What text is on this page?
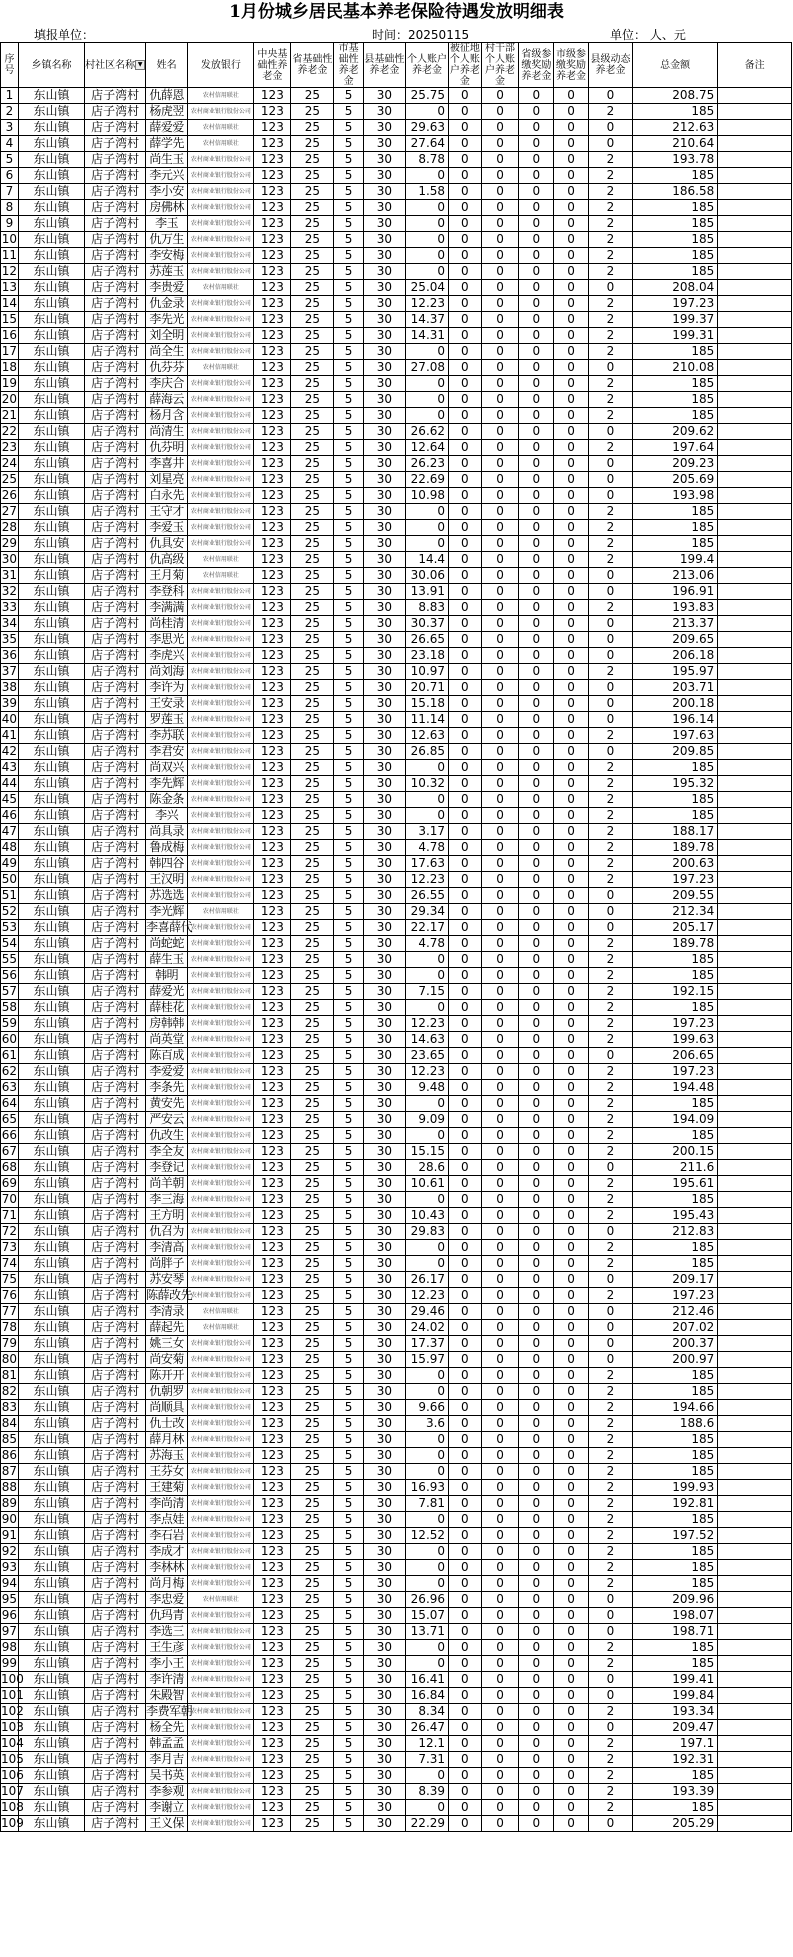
1月份城乡居民基本养老保险待遇发放明细表
填报单位：	时间：20250115	单位： 人、元
序号	乡镇名称	村社区名称 ▼	姓名	发放银行	中央基础性养老金	省基础性养老金	市基础性养老金	县基础性养老金	个人账户养老金	被征地个人账户养老金	村干部个人账户养老金	省级参缴奖励养老金	市级参缴奖励养老金	县级动态养老金	总金额	备注
1	东山镇	店子湾村	仇薛恩	农村信用联社	123	25	5	30	25.75	0	0	0	0	0	208.75	
2	东山镇	店子湾村	杨虎翌	农村商业银行股份公司	123	25	5	30	0	0	0	0	0	2	185	
3	东山镇	店子湾村	薛爱爱	农村信用联社	123	25	5	30	29.63	0	0	0	0	0	212.63	
4	东山镇	店子湾村	薛学先	农村信用联社	123	25	5	30	27.64	0	0	0	0	0	210.64	
5	东山镇	店子湾村	尚生玉	农村商业银行股份公司	123	25	5	30	8.78	0	0	0	0	2	193.78	
6	东山镇	店子湾村	李元兴	农村商业银行股份公司	123	25	5	30	0	0	0	0	0	2	185	
7	东山镇	店子湾村	李小安	农村商业银行股份公司	123	25	5	30	1.58	0	0	0	0	2	186.58	
8	东山镇	店子湾村	房佛林	农村商业银行股份公司	123	25	5	30	0	0	0	0	0	2	185	
9	东山镇	店子湾村	李玉	农村商业银行股份公司	123	25	5	30	0	0	0	0	0	2	185	
10	东山镇	店子湾村	仇万生	农村商业银行股份公司	123	25	5	30	0	0	0	0	0	2	185	
11	东山镇	店子湾村	李安梅	农村商业银行股份公司	123	25	5	30	0	0	0	0	0	2	185	
12	东山镇	店子湾村	苏莲玉	农村商业银行股份公司	123	25	5	30	0	0	0	0	0	2	185	
13	东山镇	店子湾村	李贵爱	农村信用联社	123	25	5	30	25.04	0	0	0	0	0	208.04	
14	东山镇	店子湾村	仇金录	农村商业银行股份公司	123	25	5	30	12.23	0	0	0	0	2	197.23	
15	东山镇	店子湾村	李先光	农村商业银行股份公司	123	25	5	30	14.37	0	0	0	0	2	199.37	
16	东山镇	店子湾村	刘全明	农村商业银行股份公司	123	25	5	30	14.31	0	0	0	0	2	199.31	
17	东山镇	店子湾村	尚全生	农村商业银行股份公司	123	25	5	30	0	0	0	0	0	2	185	
18	东山镇	店子湾村	仇芬芬	农村信用联社	123	25	5	30	27.08	0	0	0	0	0	210.08	
19	东山镇	店子湾村	李庆合	农村商业银行股份公司	123	25	5	30	0	0	0	0	0	2	185	
20	东山镇	店子湾村	薛海云	农村商业银行股份公司	123	25	5	30	0	0	0	0	0	2	185	
21	东山镇	店子湾村	杨月含	农村商业银行股份公司	123	25	5	30	0	0	0	0	0	2	185	
22	东山镇	店子湾村	尚清生	农村商业银行股份公司	123	25	5	30	26.62	0	0	0	0	0	209.62	
23	东山镇	店子湾村	仇芬明	农村商业银行股份公司	123	25	5	30	12.64	0	0	0	0	2	197.64	
24	东山镇	店子湾村	李喜井	农村商业银行股份公司	123	25	5	30	26.23	0	0	0	0	0	209.23	
25	东山镇	店子湾村	刘星亮	农村商业银行股份公司	123	25	5	30	22.69	0	0	0	0	0	205.69	
26	东山镇	店子湾村	白永先	农村商业银行股份公司	123	25	5	30	10.98	0	0	0	0	0	193.98	
27	东山镇	店子湾村	王守才	农村商业银行股份公司	123	25	5	30	0	0	0	0	0	2	185	
28	东山镇	店子湾村	李爱玉	农村商业银行股份公司	123	25	5	30	0	0	0	0	0	2	185	
29	东山镇	店子湾村	仇具安	农村商业银行股份公司	123	25	5	30	0	0	0	0	0	2	185	
30	东山镇	店子湾村	仇高级	农村信用联社	123	25	5	30	14.4	0	0	0	0	2	199.4	
31	东山镇	店子湾村	王月菊	农村信用联社	123	25	5	30	30.06	0	0	0	0	0	213.06	
32	东山镇	店子湾村	李登科	农村商业银行股份公司	123	25	5	30	13.91	0	0	0	0	0	196.91	
33	东山镇	店子湾村	李满满	农村商业银行股份公司	123	25	5	30	8.83	0	0	0	0	2	193.83	
34	东山镇	店子湾村	尚桂清	农村商业银行股份公司	123	25	5	30	30.37	0	0	0	0	0	213.37	
35	东山镇	店子湾村	李思光	农村商业银行股份公司	123	25	5	30	26.65	0	0	0	0	0	209.65	
36	东山镇	店子湾村	李虎兴	农村商业银行股份公司	123	25	5	30	23.18	0	0	0	0	0	206.18	
37	东山镇	店子湾村	尚刘海	农村商业银行股份公司	123	25	5	30	10.97	0	0	0	0	2	195.97	
38	东山镇	店子湾村	李许为	农村商业银行股份公司	123	25	5	30	20.71	0	0	0	0	0	203.71	
39	东山镇	店子湾村	王安录	农村商业银行股份公司	123	25	5	30	15.18	0	0	0	0	0	200.18	
40	东山镇	店子湾村	罗莲玉	农村商业银行股份公司	123	25	5	30	11.14	0	0	0	0	0	196.14	
41	东山镇	店子湾村	李苏联	农村商业银行股份公司	123	25	5	30	12.63	0	0	0	0	2	197.63	
42	东山镇	店子湾村	李君安	农村商业银行股份公司	123	25	5	30	26.85	0	0	0	0	0	209.85	
43	东山镇	店子湾村	尚双兴	农村商业银行股份公司	123	25	5	30	0	0	0	0	0	2	185	
44	东山镇	店子湾村	李先辉	农村商业银行股份公司	123	25	5	30	10.32	0	0	0	0	2	195.32	
45	东山镇	店子湾村	陈金条	农村商业银行股份公司	123	25	5	30	0	0	0	0	0	2	185	
46	东山镇	店子湾村	李兴	农村商业银行股份公司	123	25	5	30	0	0	0	0	0	2	185	
47	东山镇	店子湾村	尚具录	农村商业银行股份公司	123	25	5	30	3.17	0	0	0	0	2	188.17	
48	东山镇	店子湾村	鲁成梅	农村商业银行股份公司	123	25	5	30	4.78	0	0	0	0	2	189.78	
49	东山镇	店子湾村	韩四谷	农村商业银行股份公司	123	25	5	30	17.63	0	0	0	0	2	200.63	
50	东山镇	店子湾村	王汉明	农村商业银行股份公司	123	25	5	30	12.23	0	0	0	0	2	197.23	
51	东山镇	店子湾村	苏选选	农村商业银行股份公司	123	25	5	30	26.55	0	0	0	0	0	209.55	
52	东山镇	店子湾村	李光辉	农村信用联社	123	25	5	30	29.34	0	0	0	0	0	212.34	
53	东山镇	店子湾村	李喜薛代	农村商业银行股份公司	123	25	5	30	22.17	0	0	0	0	0	205.17	
54	东山镇	店子湾村	尚蛇蛇	农村商业银行股份公司	123	25	5	30	4.78	0	0	0	0	2	189.78	
55	东山镇	店子湾村	薛生玉	农村商业银行股份公司	123	25	5	30	0	0	0	0	0	2	185	
56	东山镇	店子湾村	韩明	农村商业银行股份公司	123	25	5	30	0	0	0	0	0	2	185	
57	东山镇	店子湾村	薛爱光	农村商业银行股份公司	123	25	5	30	7.15	0	0	0	0	2	192.15	
58	东山镇	店子湾村	薛桂花	农村商业银行股份公司	123	25	5	30	0	0	0	0	0	2	185	
59	东山镇	店子湾村	房韩韩	农村商业银行股份公司	123	25	5	30	12.23	0	0	0	0	2	197.23	
60	东山镇	店子湾村	尚英堂	农村商业银行股份公司	123	25	5	30	14.63	0	0	0	0	2	199.63	
61	东山镇	店子湾村	陈百成	农村商业银行股份公司	123	25	5	30	23.65	0	0	0	0	0	206.65	
62	东山镇	店子湾村	李爱爱	农村商业银行股份公司	123	25	5	30	12.23	0	0	0	0	2	197.23	
63	东山镇	店子湾村	李条先	农村商业银行股份公司	123	25	5	30	9.48	0	0	0	0	2	194.48	
64	东山镇	店子湾村	黄安先	农村商业银行股份公司	123	25	5	30	0	0	0	0	0	2	185	
65	东山镇	店子湾村	严安云	农村商业银行股份公司	123	25	5	30	9.09	0	0	0	0	2	194.09	
66	东山镇	店子湾村	仇改生	农村商业银行股份公司	123	25	5	30	0	0	0	0	0	2	185	
67	东山镇	店子湾村	李全友	农村商业银行股份公司	123	25	5	30	15.15	0	0	0	0	2	200.15	
68	东山镇	店子湾村	李登记	农村商业银行股份公司	123	25	5	30	28.6	0	0	0	0	0	211.6	
69	东山镇	店子湾村	尚羊朝	农村商业银行股份公司	123	25	5	30	10.61	0	0	0	0	2	195.61	
70	东山镇	店子湾村	李三海	农村商业银行股份公司	123	25	5	30	0	0	0	0	0	2	185	
71	东山镇	店子湾村	王方明	农村商业银行股份公司	123	25	5	30	10.43	0	0	0	0	2	195.43	
72	东山镇	店子湾村	仇召为	农村商业银行股份公司	123	25	5	30	29.83	0	0	0	0	0	212.83	
73	东山镇	店子湾村	李清高	农村商业银行股份公司	123	25	5	30	0	0	0	0	0	2	185	
74	东山镇	店子湾村	尚胖子	农村商业银行股份公司	123	25	5	30	0	0	0	0	0	2	185	
75	东山镇	店子湾村	苏安琴	农村商业银行股份公司	123	25	5	30	26.17	0	0	0	0	0	209.17	
76	东山镇	店子湾村	陈薛改先	农村商业银行股份公司	123	25	5	30	12.23	0	0	0	0	2	197.23	
77	东山镇	店子湾村	李清录	农村信用联社	123	25	5	30	29.46	0	0	0	0	0	212.46	
78	东山镇	店子湾村	薛起先	农村信用联社	123	25	5	30	24.02	0	0	0	0	0	207.02	
79	东山镇	店子湾村	姚三女	农村商业银行股份公司	123	25	5	30	17.37	0	0	0	0	0	200.37	
80	东山镇	店子湾村	尚安菊	农村商业银行股份公司	123	25	5	30	15.97	0	0	0	0	0	200.97	
81	东山镇	店子湾村	陈开开	农村商业银行股份公司	123	25	5	30	0	0	0	0	0	2	185	
82	东山镇	店子湾村	仇朝罗	农村商业银行股份公司	123	25	5	30	0	0	0	0	0	2	185	
83	东山镇	店子湾村	尚顺具	农村商业银行股份公司	123	25	5	30	9.66	0	0	0	0	2	194.66	
84	东山镇	店子湾村	仇士改	农村商业银行股份公司	123	25	5	30	3.6	0	0	0	0	2	188.6	
85	东山镇	店子湾村	薛月林	农村商业银行股份公司	123	25	5	30	0	0	0	0	0	2	185	
86	东山镇	店子湾村	苏海玉	农村商业银行股份公司	123	25	5	30	0	0	0	0	0	2	185	
87	东山镇	店子湾村	王芬女	农村商业银行股份公司	123	25	5	30	0	0	0	0	0	2	185	
88	东山镇	店子湾村	王建菊	农村商业银行股份公司	123	25	5	30	16.93	0	0	0	0	2	199.93	
89	东山镇	店子湾村	李尚清	农村商业银行股份公司	123	25	5	30	7.81	0	0	0	0	2	192.81	
90	东山镇	店子湾村	李点娃	农村商业银行股份公司	123	25	5	30	0	0	0	0	0	2	185	
91	东山镇	店子湾村	李石岩	农村商业银行股份公司	123	25	5	30	12.52	0	0	0	0	2	197.52	
92	东山镇	店子湾村	李成才	农村商业银行股份公司	123	25	5	30	0	0	0	0	0	2	185	
93	东山镇	店子湾村	李林林	农村商业银行股份公司	123	25	5	30	0	0	0	0	0	2	185	
94	东山镇	店子湾村	尚月梅	农村商业银行股份公司	123	25	5	30	0	0	0	0	0	2	185	
95	东山镇	店子湾村	李忠爱	农村信用联社	123	25	5	30	26.96	0	0	0	0	0	209.96	
96	东山镇	店子湾村	仇玛青	农村商业银行股份公司	123	25	5	30	15.07	0	0	0	0	0	198.07	
97	东山镇	店子湾村	李选三	农村商业银行股份公司	123	25	5	30	13.71	0	0	0	0	0	198.71	
98	东山镇	店子湾村	王生彦	农村商业银行股份公司	123	25	5	30	0	0	0	0	0	2	185	
99	东山镇	店子湾村	李小王	农村商业银行股份公司	123	25	5	30	0	0	0	0	0	2	185	
100	东山镇	店子湾村	李许清	农村商业银行股份公司	123	25	5	30	16.41	0	0	0	0	0	199.41	
101	东山镇	店子湾村	朱殿智	农村商业银行股份公司	123	25	5	30	16.84	0	0	0	0	0	199.84	
102	东山镇	店子湾村	李费军朝	农村商业银行股份公司	123	25	5	30	8.34	0	0	0	0	2	193.34	
103	东山镇	店子湾村	杨全先	农村商业银行股份公司	123	25	5	30	26.47	0	0	0	0	0	209.47	
104	东山镇	店子湾村	韩孟孟	农村商业银行股份公司	123	25	5	30	12.1	0	0	0	0	2	197.1	
105	东山镇	店子湾村	李月吉	农村商业银行股份公司	123	25	5	30	7.31	0	0	0	0	2	192.31	
106	东山镇	店子湾村	吴书英	农村商业银行股份公司	123	25	5	30	0	0	0	0	0	2	185	
107	东山镇	店子湾村	李参观	农村商业银行股份公司	123	25	5	30	8.39	0	0	0	0	2	193.39	
108	东山镇	店子湾村	李谢立	农村商业银行股份公司	123	25	5	30	0	0	0	0	0	2	185	
109	东山镇	店子湾村	王义保	农村商业银行股份公司	123	25	5	30	22.29	0	0	0	0	0	205.29	
